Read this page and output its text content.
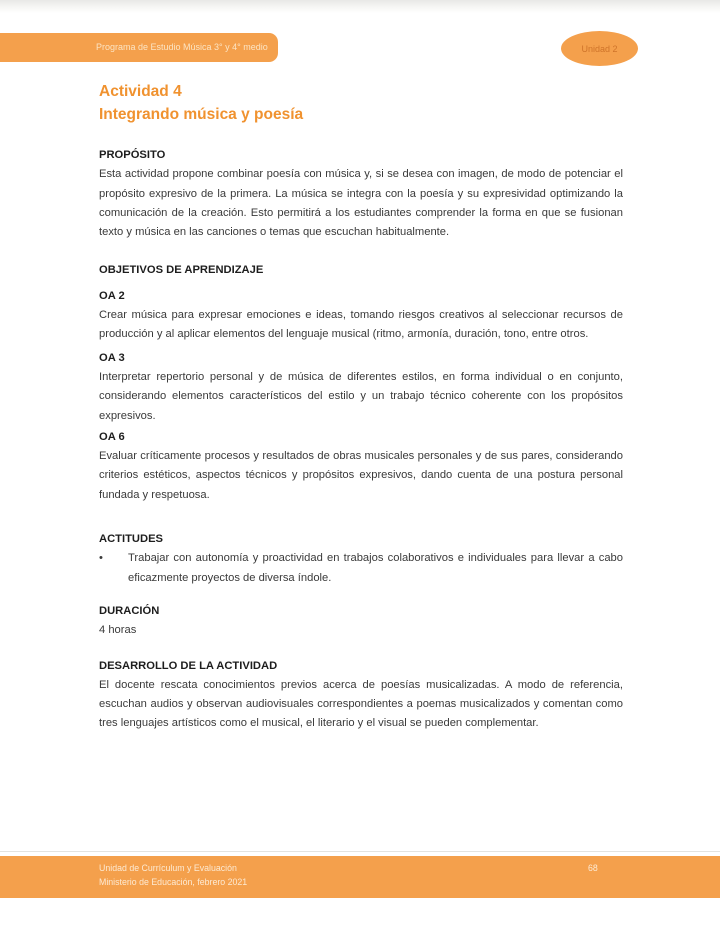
Programa de Estudio Música 3° y 4° medio	Unidad 2
Actividad 4
Integrando música y poesía

PROPÓSITO

Esta actividad propone combinar poesía con música y, si se desea con imagen, de modo de potenciar el propósito expresivo de la primera. La música se integra con la poesía y su expresividad optimizando la comunicación de la creación. Esto permitirá a los estudiantes comprender la forma en que se fusionan texto y música en las canciones o temas que escuchan habitualmente.

OBJETIVOS DE APRENDIZAJE

OA 2

Crear música para expresar emociones e ideas, tomando riesgos creativos al seleccionar recursos de producción y al aplicar elementos del lenguaje musical (ritmo, armonía, duración, tono, entre otros.

OA 3

Interpretar repertorio personal y de música de diferentes estilos, en forma individual o en conjunto, considerando elementos característicos del estilo y un trabajo técnico coherente con los propósitos expresivos.

OA 6

Evaluar críticamente procesos y resultados de obras musicales personales y de sus pares, considerando criterios estéticos, aspectos técnicos y propósitos expresivos, dando cuenta de una postura personal fundada y respetuosa.

ACTITUDES

•	Trabajar con autonomía y proactividad en trabajos colaborativos e individuales para llevar a cabo eficazmente proyectos de diversa índole.

DURACIÓN

4 horas

DESARROLLO DE LA ACTIVIDAD

El docente rescata conocimientos previos acerca de poesías musicalizadas. A modo de referencia, escuchan audios y observan audiovisuales correspondientes a poemas musicalizados y comentan como tres lenguajes artísticos como el musical, el literario y el visual se pueden complementar.

Unidad de Currículum y Evaluación
Ministerio de Educación, febrero 2021
68
